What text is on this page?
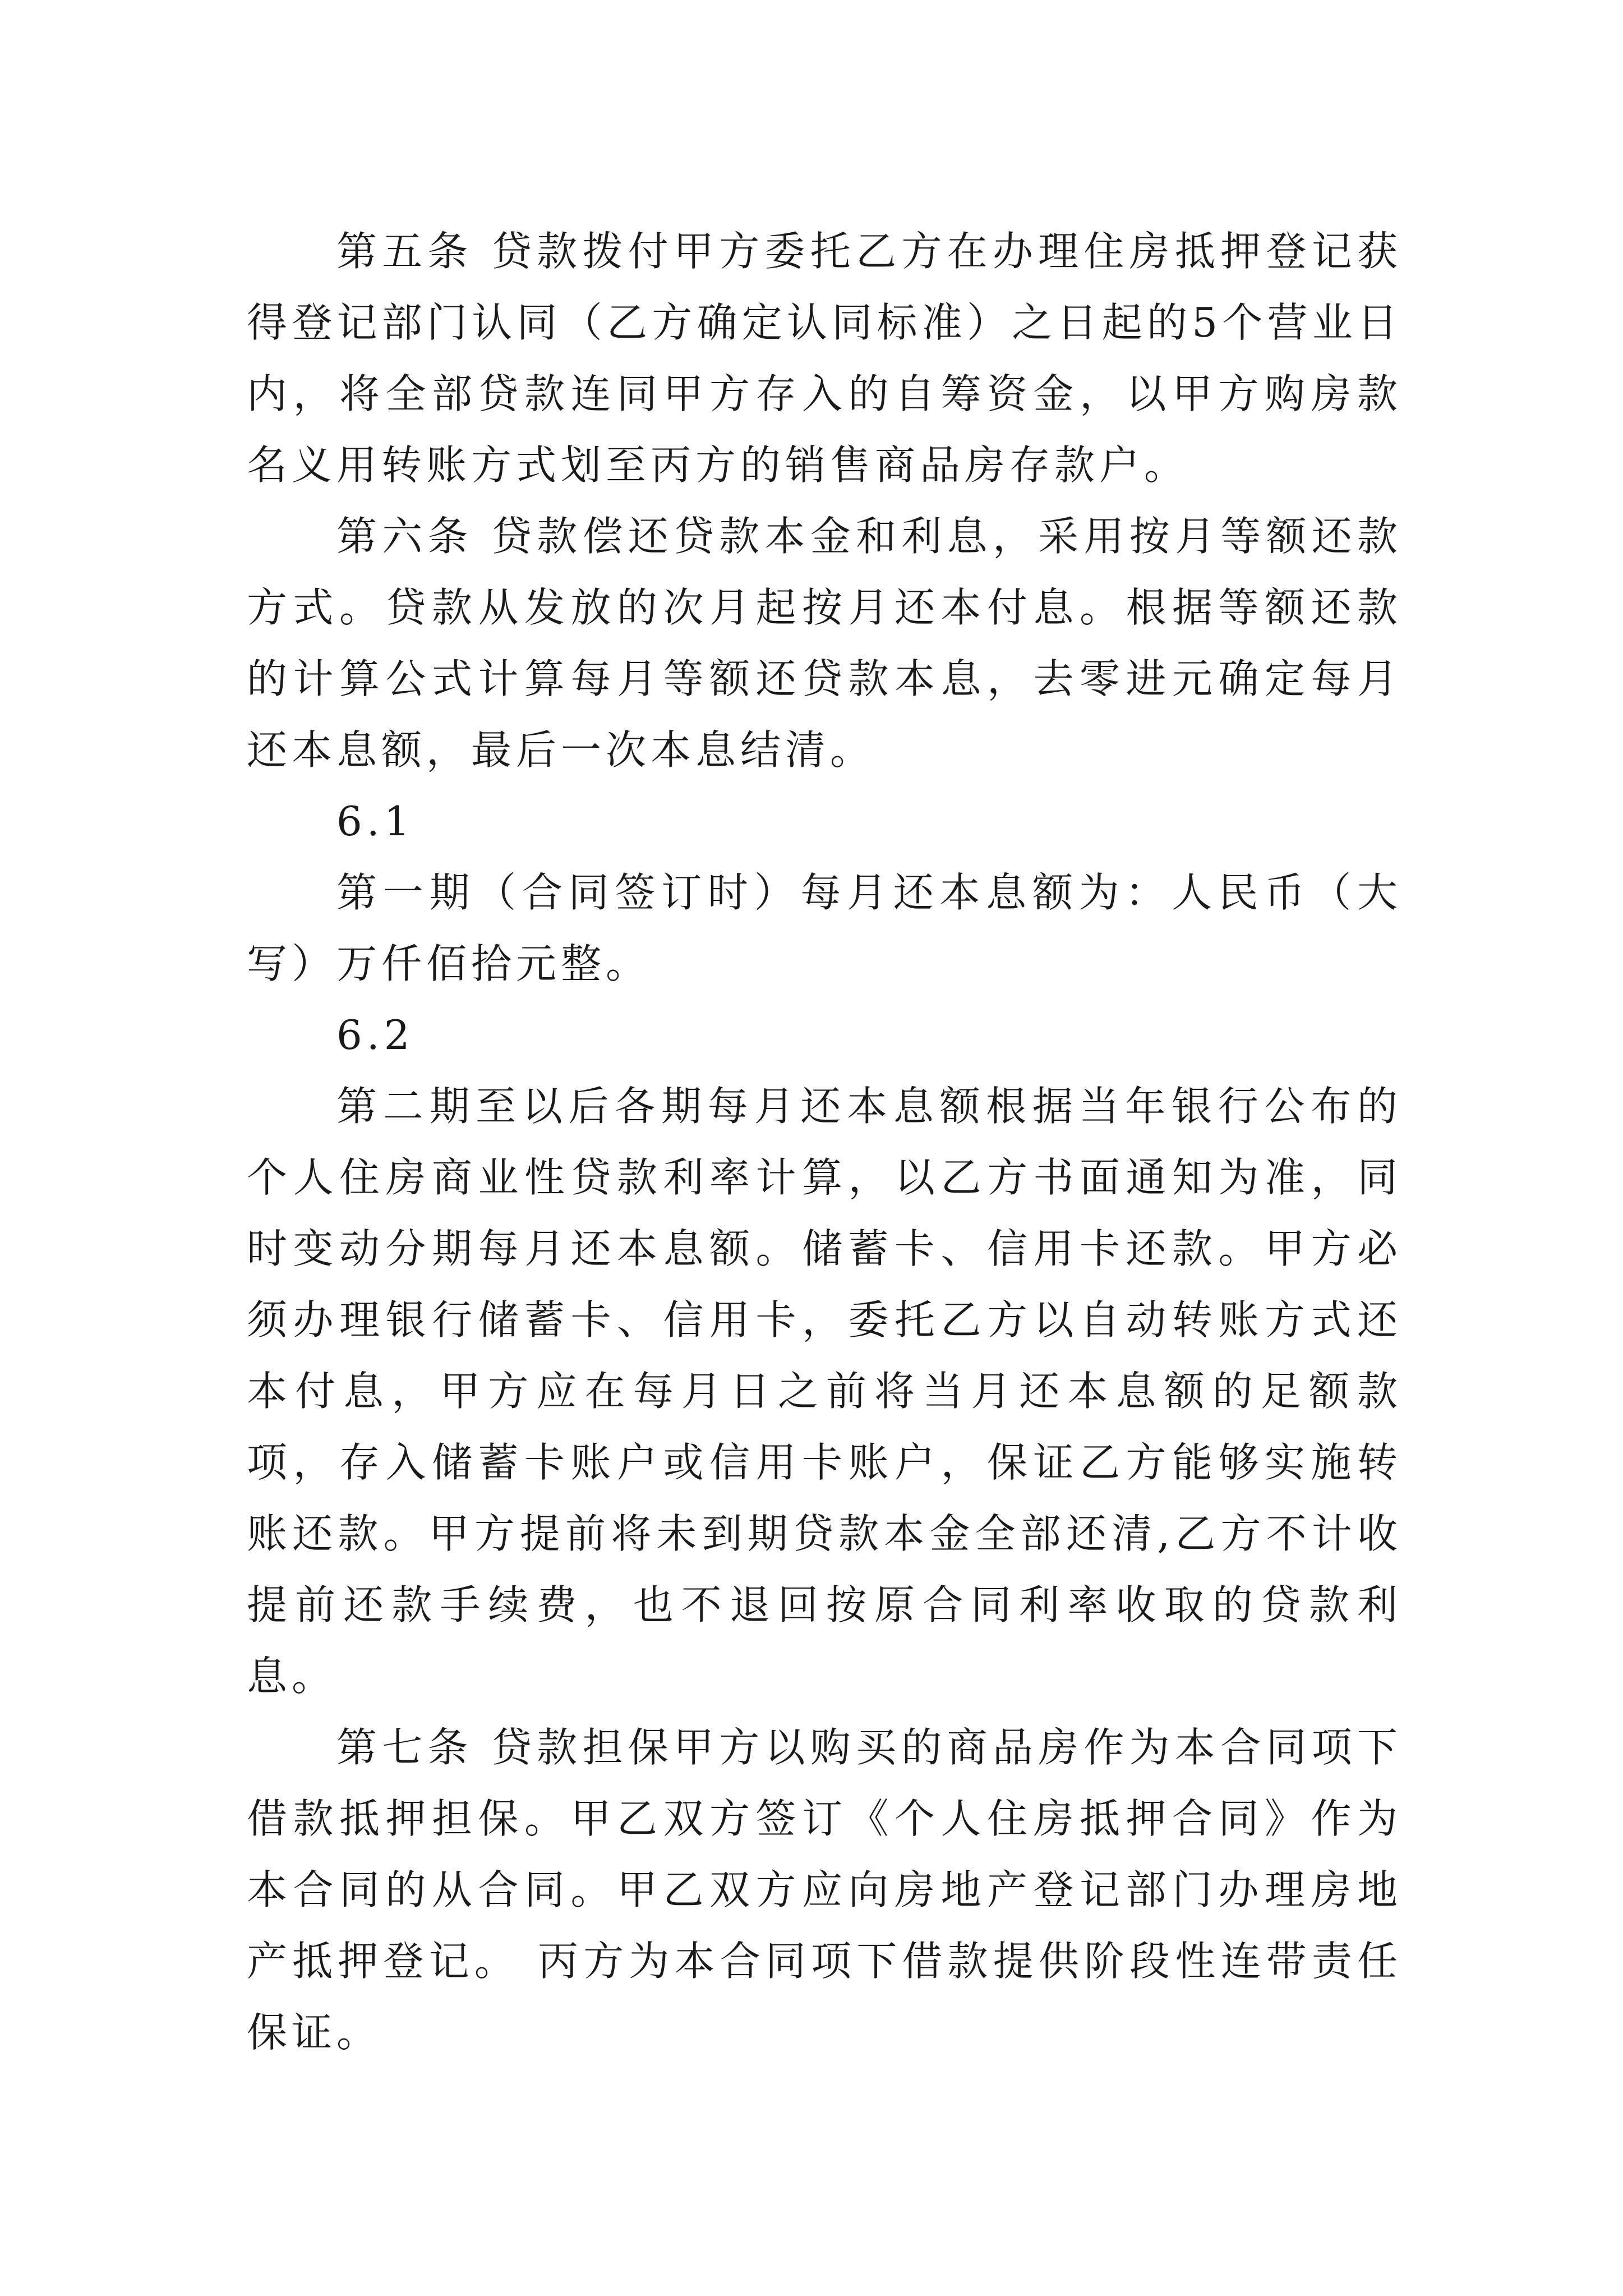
第五条 贷款拨付甲方委托乙方在办理住房抵押登记获得登记部门认同（乙方确定认同标准）之日起的5个营业日内，将全部贷款连同甲方存入的自筹资金，以甲方购房款名义用转账方式划至丙方的销售商品房存款户。

第六条 贷款偿还贷款本金和利息，采用按月等额还款方式。贷款从发放的次月起按月还本付息。根据等额还款的计算公式计算每月等额还贷款本息，去零进元确定每月还本息额，最后一次本息结清。

6.1

第一期（合同签订时）每月还本息额为：人民币（大写）万仟佰拾元整。

6.2

第二期至以后各期每月还本息额根据当年银行公布的个人住房商业性贷款利率计算，以乙方书面通知为准，同时变动分期每月还本息额。储蓄卡、信用卡还款。甲方必须办理银行储蓄卡、信用卡，委托乙方以自动转账方式还本付息，甲方应在每月日之前将当月还本息额的足额款项，存入储蓄卡账户或信用卡账户，保证乙方能够实施转账还款。甲方提前将未到期贷款本金全部还清,乙方不计收提前还款手续费，也不退回按原合同利率收取的贷款利息。

第七条 贷款担保甲方以购买的商品房作为本合同项下借款抵押担保。甲乙双方签订《个人住房抵押合同》作为本合同的从合同。甲乙双方应向房地产登记部门办理房地产抵押登记。 丙方为本合同项下借款提供阶段性连带责任保证。
